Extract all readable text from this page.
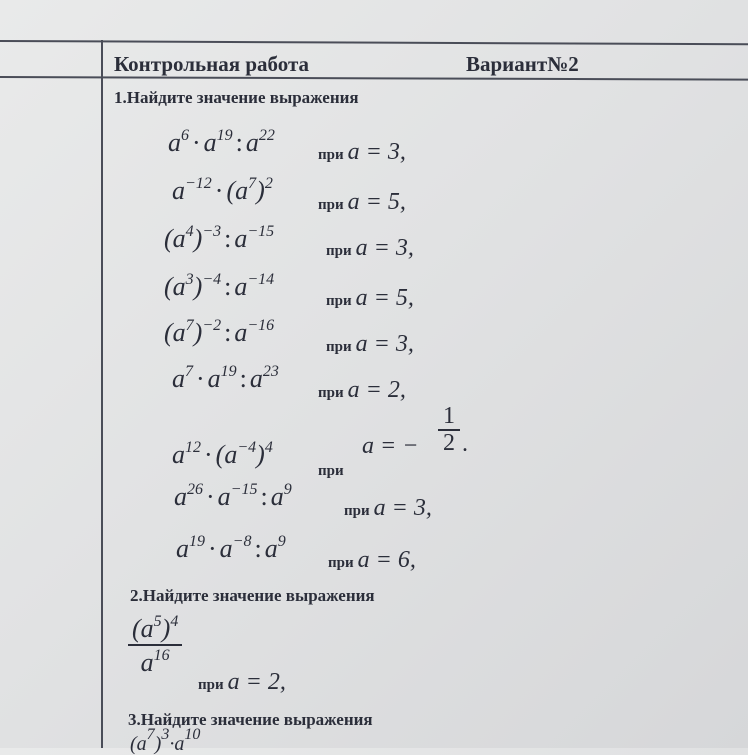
Контрольная работа	Вариант№2
1.Найдите значение выражения
$a^6 \cdot a^{19}$ : $a^{22}$
при a = 3,
$a^{-12} \cdot (a^7)^2$
при a = 5,
$(a^4)^{-3}$ : $a^{-15}$
при a = 3,
$(a^3)^{-4}$ : $a^{-14}$
при a = 5,
$(a^7)^{-2}$ : $a^{-16}$
при a = 3,
$a^7 \cdot a^{19}$ : $a^{23}$
при a = 2,
$a^{12} \cdot (a^{-4})^4$
при
a = − $\frac{1}{2}$ .
$a^{26} \cdot a^{-15}$ : $a^9$
при a = 3,
$a^{19} \cdot a^{-8}$ : $a^9$
при a = 6,
2.Найдите значение выражения
$(a^5)^4$
$a^{16}$
при a = 2,
3.Найдите значение выражения
$(a^7)^3\cdot a^{10}$
